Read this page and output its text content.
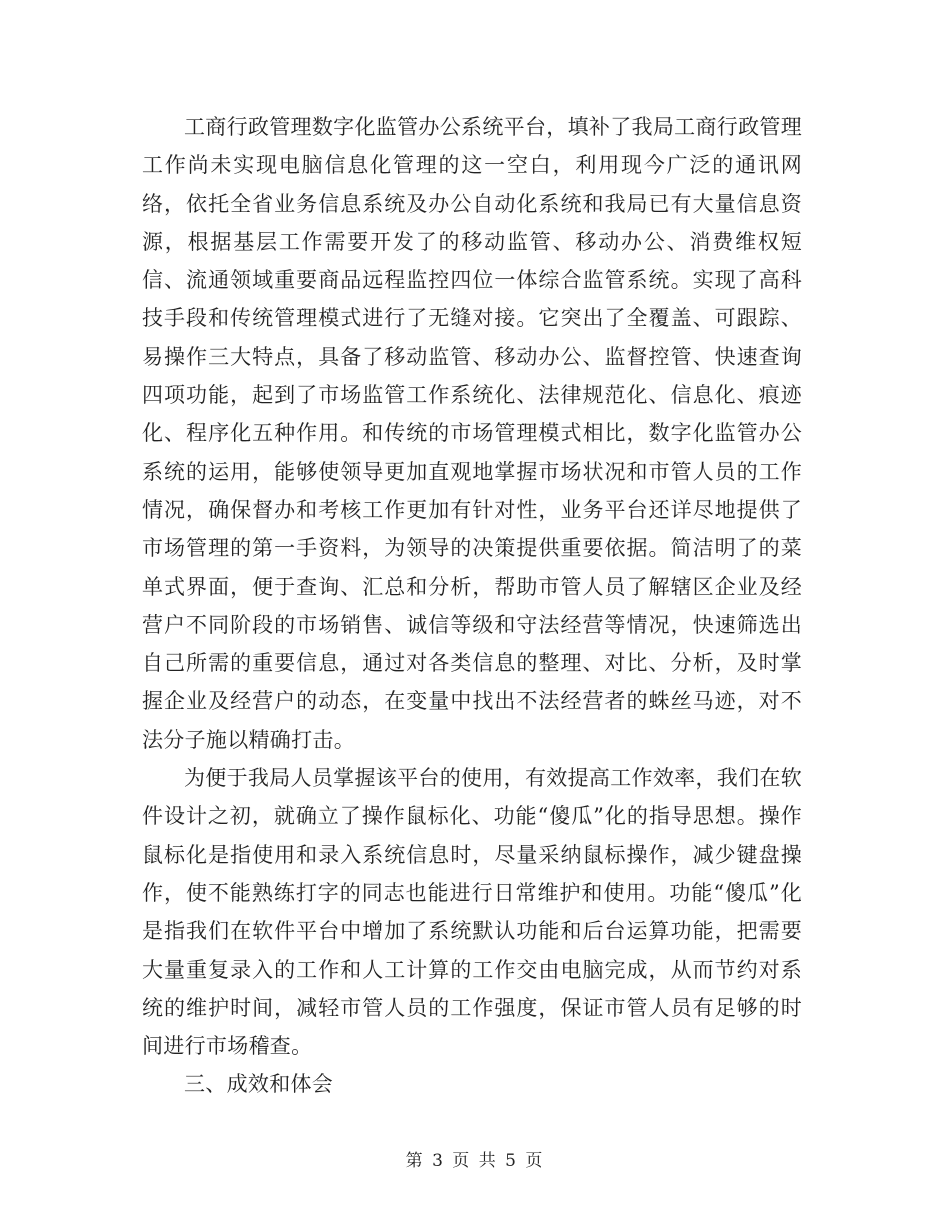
工商行政管理数字化监管办公系统平台，填补了我局工商行政管理工作尚未实现电脑信息化管理的这一空白，利用现今广泛的通讯网络，依托全省业务信息系统及办公自动化系统和我局已有大量信息资源，根据基层工作需要开发了的移动监管、移动办公、消费维权短信、流通领域重要商品远程监控四位一体综合监管系统。实现了高科技手段和传统管理模式进行了无缝对接。它突出了全覆盖、可跟踪、易操作三大特点，具备了移动监管、移动办公、监督控管、快速查询四项功能，起到了市场监管工作系统化、法律规范化、信息化、痕迹化、程序化五种作用。和传统的市场管理模式相比，数字化监管办公系统的运用，能够使领导更加直观地掌握市场状况和市管人员的工作情况，确保督办和考核工作更加有针对性，业务平台还详尽地提供了市场管理的第一手资料，为领导的决策提供重要依据。简洁明了的菜单式界面，便于查询、汇总和分析，帮助市管人员了解辖区企业及经营户不同阶段的市场销售、诚信等级和守法经营等情况，快速筛选出自己所需的重要信息，通过对各类信息的整理、对比、分析，及时掌握企业及经营户的动态，在变量中找出不法经营者的蛛丝马迹，对不法分子施以精确打击。

为便于我局人员掌握该平台的使用，有效提高工作效率，我们在软件设计之初，就确立了操作鼠标化、功能“傻瓜”化的指导思想。操作鼠标化是指使用和录入系统信息时，尽量采纳鼠标操作，减少键盘操作，使不能熟练打字的同志也能进行日常维护和使用。功能“傻瓜”化是指我们在软件平台中增加了系统默认功能和后台运算功能，把需要大量重复录入的工作和人工计算的工作交由电脑完成，从而节约对系统的维护时间，减轻市管人员的工作强度，保证市管人员有足够的时间进行市场稽查。

三、成效和体会

第 3 页 共 5 页
